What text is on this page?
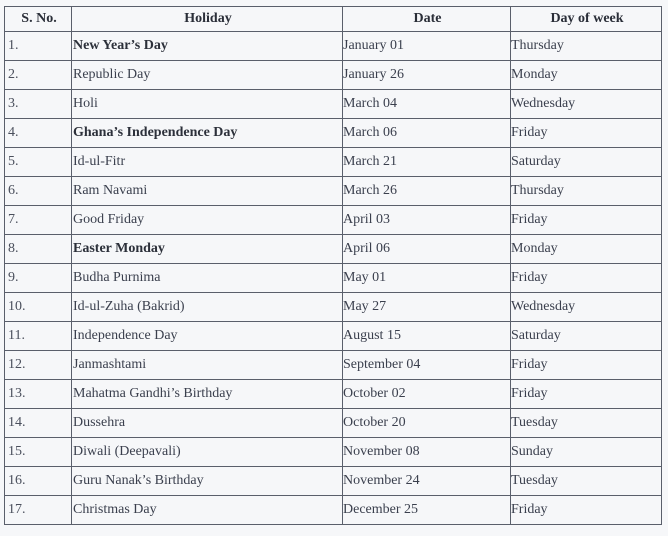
S. No.	Holiday	Date	Day of week
1.	New Year’s Day	January 01	Thursday
2.	Republic Day	January 26	Monday
3.	Holi	March 04	Wednesday
4.	Ghana’s Independence Day	March 06	Friday
5.	Id-ul-Fitr	March 21	Saturday
6.	Ram Navami	March 26	Thursday
7.	Good Friday	April 03	Friday
8.	Easter Monday	April 06	Monday
9.	Budha Purnima	May 01	Friday
10.	Id-ul-Zuha (Bakrid)	May 27	Wednesday
11.	Independence Day	August 15	Saturday
12.	Janmashtami	September 04	Friday
13.	Mahatma Gandhi’s Birthday	October 02	Friday
14.	Dussehra	October 20	Tuesday
15.	Diwali (Deepavali)	November 08	Sunday
16.	Guru Nanak’s Birthday	November 24	Tuesday
17.	Christmas Day	December 25	Friday
